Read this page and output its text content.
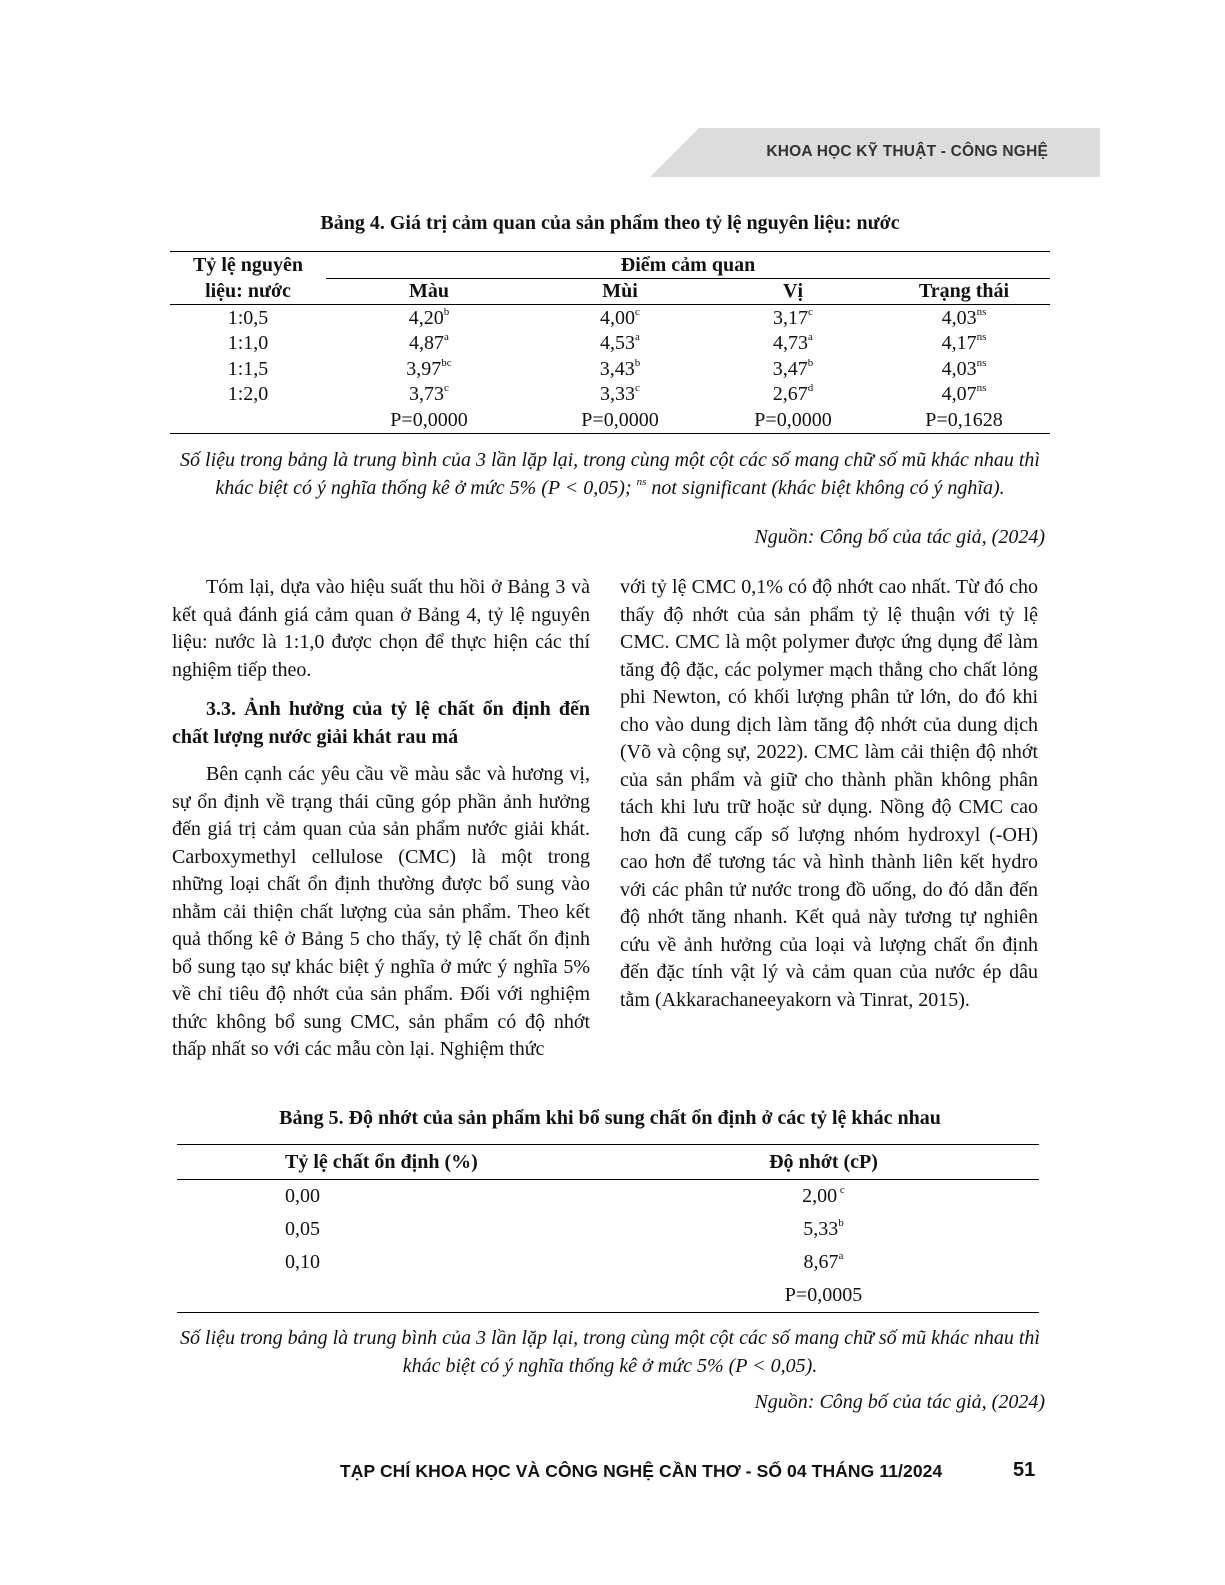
KHOA HỌC KỸ THUẬT - CÔNG NGHỆ
Bảng 4. Giá trị cảm quan của sản phẩm theo tỷ lệ nguyên liệu: nước
Tỷ lệ nguyên	Điểm cảm quan			
liệu: nước	Màu	Mùi	Vị	Trạng thái
1:0,5	4,20$^b$	4,00$^c$	3,17$^c$	$4,03^{ns}$
1:1,0	4,87$^a$	4,53$^a$	4,73$^a$	$4,17^{ns}$
1:1,5	3,97$^{bc}$	3,43$^b$	3,47$^b$	$4,03^{ns}$
1:2,0	3,73$^c$	3,33$^c$	2,67$^d$	$4,07^{ns}$
	P=0,0000	P=0,0000	P=0,0000	P=0,1628
Số liệu trong bảng là trung bình của 3 lần lặp lại, trong cùng một cột các số mang chữ số mũ khác nhau thì khác biệt có ý nghĩa thống kê ở mức 5% (P < 0,05); $^{ns}$ not significant (khác biệt không có ý nghĩa).
Nguồn: Công bố của tác giả, (2024)

Tóm lại, dựa vào hiệu suất thu hồi ở Bảng 3 và kết quả đánh giá cảm quan ở Bảng 4, tỷ lệ nguyên liệu: nước là 1:1,0 được chọn để thực hiện các thí nghiệm tiếp theo.

3.3. Ảnh hưởng của tỷ lệ chất ổn định đến chất lượng nước giải khát rau má

Bên cạnh các yêu cầu về màu sắc và hương vị, sự ổn định về trạng thái cũng góp phần ảnh hưởng đến giá trị cảm quan của sản phẩm nước giải khát. Carboxymethyl cellulose (CMC) là một trong những loại chất ổn định thường được bổ sung vào nhằm cải thiện chất lượng của sản phẩm. Theo kết quả thống kê ở Bảng 5 cho thấy, tỷ lệ chất ổn định bổ sung tạo sự khác biệt ý nghĩa ở mức ý nghĩa 5% về chỉ tiêu độ nhớt của sản phẩm. Đối với nghiệm thức không bổ sung CMC, sản phẩm có độ nhớt thấp nhất so với các mẫu còn lại. Nghiệm thức

với tỷ lệ CMC 0,1% có độ nhớt cao nhất. Từ đó cho thấy độ nhớt của sản phẩm tỷ lệ thuận với tỷ lệ CMC. CMC là một polymer được ứng dụng để làm tăng độ đặc, các polymer mạch thẳng cho chất lỏng phi Newton, có khối lượng phân tử lớn, do đó khi cho vào dung dịch làm tăng độ nhớt của dung dịch (Võ và cộng sự, 2022). CMC làm cải thiện độ nhớt của sản phẩm và giữ cho thành phần không phân tách khi lưu trữ hoặc sử dụng. Nồng độ CMC cao hơn đã cung cấp số lượng nhóm hydroxyl (-OH) cao hơn để tương tác và hình thành liên kết hydro với các phân tử nước trong đồ uống, do đó dẫn đến độ nhớt tăng nhanh. Kết quả này tương tự nghiên cứu về ảnh hưởng của loại và lượng chất ổn định đến đặc tính vật lý và cảm quan của nước ép dâu tằm (Akkarachaneeyakorn và Tinrat, 2015).

Bảng 5. Độ nhớt của sản phẩm khi bổ sung chất ổn định ở các tỷ lệ khác nhau
Tỷ lệ chất ổn định (%)	Độ nhớt (cP)
0,00	2,00 $^c$
0,05	5,33$^b$
0,10	8,67$^a$
	P=0,0005
Số liệu trong bảng là trung bình của 3 lần lặp lại, trong cùng một cột các số mang chữ số mũ khác nhau thì khác biệt có ý nghĩa thống kê ở mức 5% (P < 0,05).
Nguồn: Công bố của tác giả, (2024)
TẠP CHÍ KHOA HỌC VÀ CÔNG NGHỆ CẦN THƠ - SỐ 04 THÁNG 11/2024	51
